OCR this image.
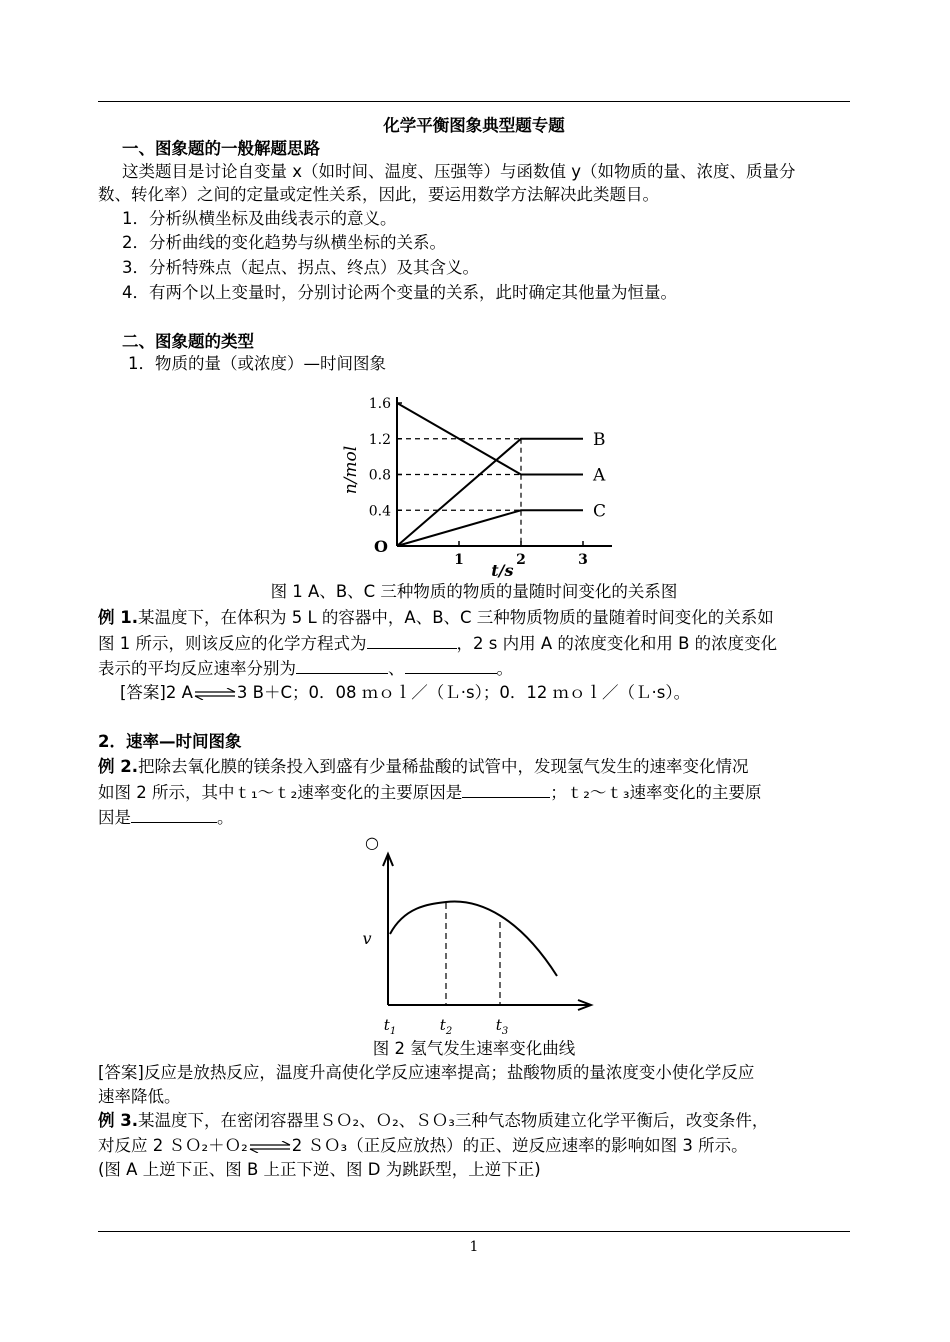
化学平衡图象典型题专题
一、图象题的一般解题思路
这类题目是讨论自变量 x（如时间、温度、压强等）与函数值 y（如物质的量、浓度、质量分
数、转化率）之间的定量或定性关系，因此，要运用数学方法解决此类题目。
1．分析纵横坐标及曲线表示的意义。
2．分析曲线的变化趋势与纵横坐标的关系。
3．分析特殊点（起点、拐点、终点）及其含义。
4．有两个以上变量时，分别讨论两个变量的关系，此时确定其他量为恒量。
二、图象题的类型
1．物质的量（或浓度）—时间图象
1.6
1.2
0.8
0.4
1	2	3
O
t/s
n/mol	A
B
C
图 1 A、B、C 三种物质的物质的量随时间变化的关系图
例 1.某温度下，在体积为 5 L 的容器中，A、B、C 三种物质物质的量随着时间变化的关系如
图 1 所示，则该反应的化学方程式为	，2 s 内用 A 的浓度变化和用 B 的浓度变化
表示的平均反应速率分别为	、	。
[答案]2 A⇌3 B＋C；0．08 ｍｏｌ／（Ｌ·s）；0．12 ｍｏｌ／（Ｌ·s）。
2．速率—时间图象
例 2.把除去氧化膜的镁条投入到盛有少量稀盐酸的试管中，发现氢气发生的速率变化情况
如图 2 所示，其中ｔ₁～ｔ₂速率变化的主要原因是	；ｔ₂～ｔ₃速率变化的主要原
因是	。
○
v
$t_1$	$t_2$	$t_3$
图 2 氢气发生速率变化曲线
[答案]反应是放热反应，温度升高使化学反应速率提高；盐酸物质的量浓度变小使化学反应
速率降低。
例 3.某温度下，在密闭容器里ＳＯ₂、Ｏ₂、ＳＯ₃三种气态物质建立化学平衡后，改变条件，
对反应 2 ＳＯ₂＋Ｏ₂⇌2 ＳＯ₃（正反应放热）的正、逆反应速率的影响如图 3 所示。
(图 A 上逆下正、图 B 上正下逆、图 D 为跳跃型，上逆下正)
1
